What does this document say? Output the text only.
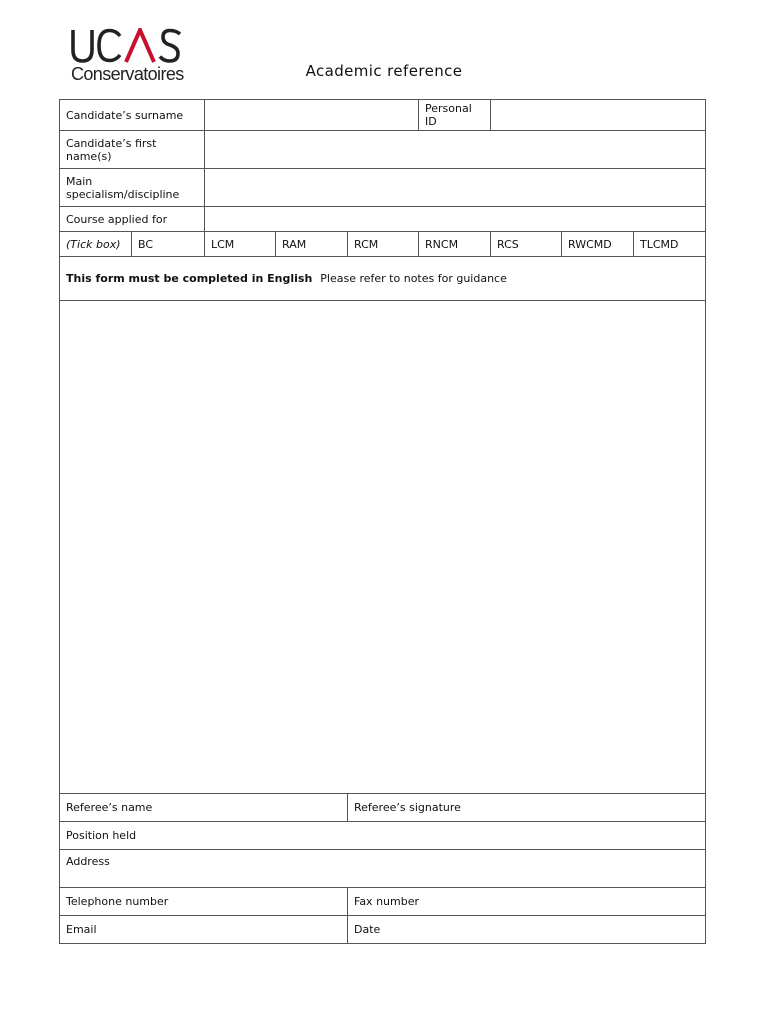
Conservatoires	Academic reference
Candidate’s surname					Personal ID			
Candidate’s first name(s)								
Main specialism/discipline								
Course applied for								
(Tick box)	BC	LCM	RAM	RCM	RNCM	RCS	RWCMD	TLCMD
This form must be completed in English Please refer to notes for guidance								

Referee’s name				Referee’s signature				
Position held								
Address								
Telephone number				Fax number				
Email				Date				
